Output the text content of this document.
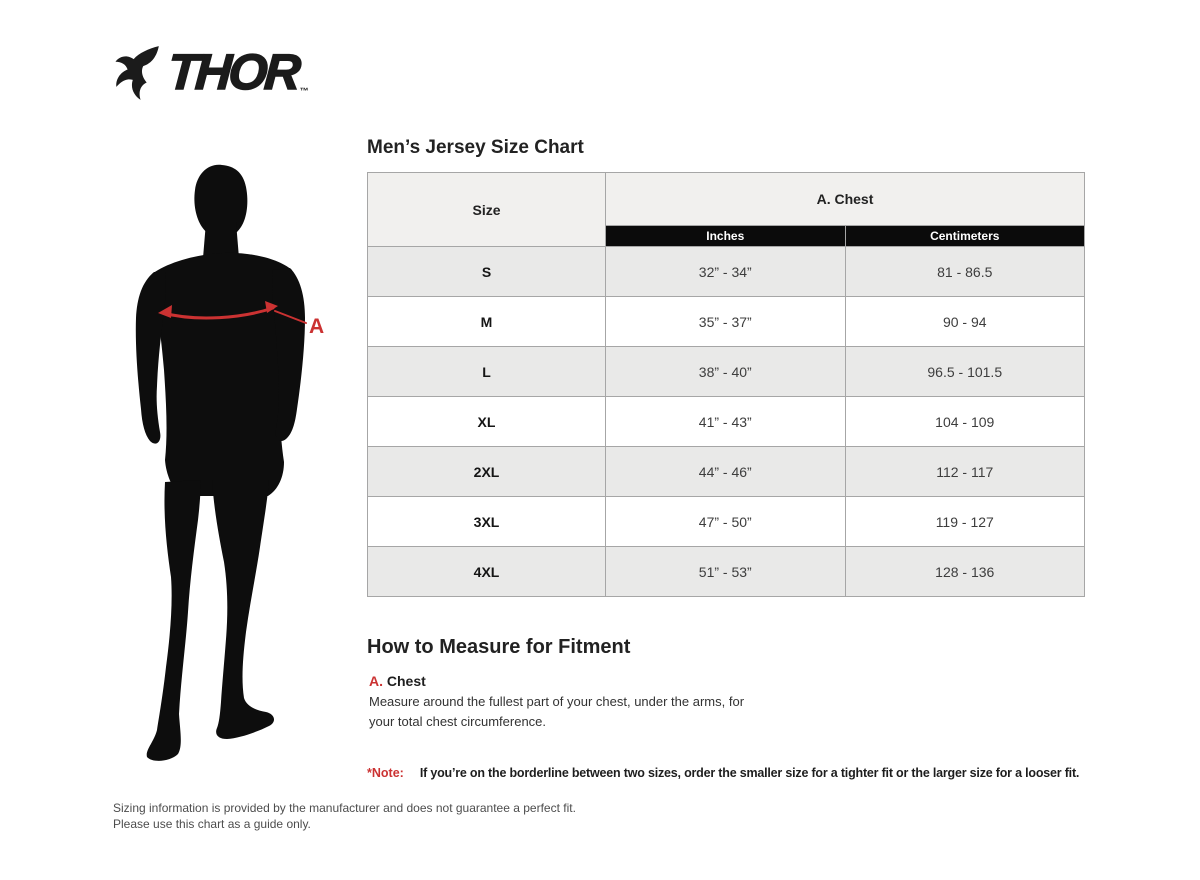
THOR ™
A
Men’s Jersey Size Chart
Size	A. Chest	
	Inches	Centimeters
S	32” - 34”	81 - 86.5
M	35” - 37”	90 - 94
L	38” - 40”	96.5 - 101.5
XL	41” - 43”	104 - 109
2XL	44” - 46”	112 - 117
3XL	47” - 50”	119 - 127
4XL	51” - 53”	128 - 136
How to Measure for Fitment
A. Chest

Measure around the fullest part of your chest, under the arms, for your total chest circumference.

*Note: If you’re on the borderline between two sizes, order the smaller size for a tighter fit or the larger size for a looser fit.
Sizing information is provided by the manufacturer and does not guarantee a perfect fit.
Please use this chart as a guide only.
